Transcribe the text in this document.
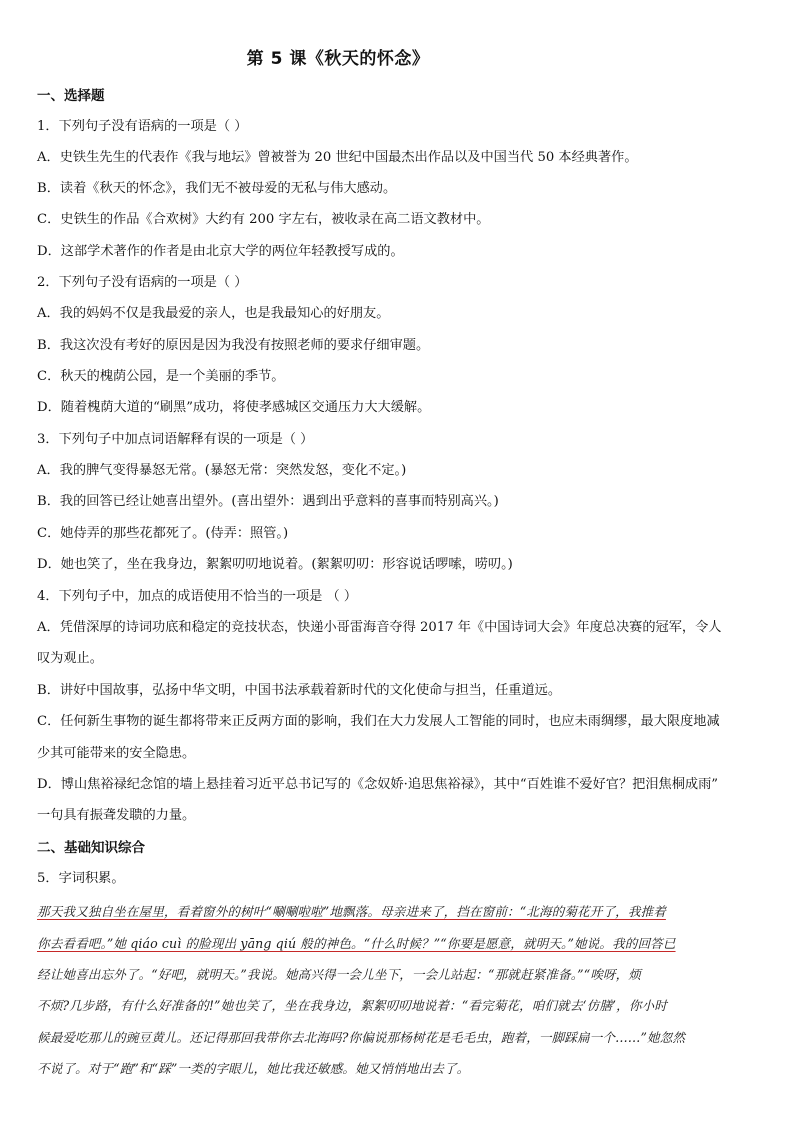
第 5 课《秋天的怀念》
一、选择题
1．下列句子没有语病的一项是（ ）
A．史铁生先生的代表作《我与地坛》曾被誉为 20 世纪中国最杰出作品以及中国当代 50 本经典著作。
B．读着《秋天的怀念》，我们无不被母爱的无私与伟大感动。
C．史铁生的作品《合欢树》大约有 200 字左右，被收录在高二语文教材中。
D．这部学术著作的作者是由北京大学的两位年轻教授写成的。
2．下列句子没有语病的一项是（ ）
A．我的妈妈不仅是我最爱的亲人，也是我最知心的好朋友。
B．我这次没有考好的原因是因为我没有按照老师的要求仔细审题。
C．秋天的槐荫公园，是一个美丽的季节。
D．随着槐荫大道的“刷黑”成功，将使孝感城区交通压力大大缓解。
3．下列句子中加点词语解释有误的一项是（ ）
A．我的脾气变得暴怒无常。(暴怒无常：突然发怒，变化不定。)
B．我的回答已经让她喜出望外。(喜出望外：遇到出乎意料的喜事而特别高兴。)
C．她侍弄的那些花都死了。(侍弄：照管。)
D．她也笑了，坐在我身边，絮絮叨叨地说着。(絮絮叨叨：形容说话啰嗦，唠叨。)
4．下列句子中，加点的成语使用不恰当的一项是 （ ）
A．凭借深厚的诗词功底和稳定的竞技状态，快递小哥雷海音夺得 2017 年《中国诗词大会》年度总决赛的冠军，令人
叹为观止。
B．讲好中国故事，弘扬中华文明，中国书法承载着新时代的文化使命与担当，任重道远。
C．任何新生事物的诞生都将带来正反两方面的影响，我们在大力发展人工智能的同时，也应未雨绸缪，最大限度地减
少其可能带来的安全隐患。
D．博山焦裕禄纪念馆的墙上悬挂着习近平总书记写的《念奴娇·追思焦裕禄》，其中“百姓谁不爱好官？把泪焦桐成雨”
一句具有振聋发聩的力量。
二、基础知识综合
5．字词积累。
那天我又独自坐在屋里，看着窗外的树叶“唰唰啦啦”地飘落。母亲进来了，挡在窗前：“北海的菊花开了，我推着
你去看看吧。”她 qiáo cuì 的脸现出 yāng qiú 般的神色。“什么时候？”“你要是愿意，就明天。”她说。我的回答已
经让她喜出忘外了。“好吧，就明天。”我说。她高兴得一会儿坐下，一会儿站起：“那就赶紧准备。”“唉呀，烦
不烦?几步路，有什么好准备的!”她也笑了，坐在我身边，絮絮叨叨地说着：“看完菊花，咱们就去‘仿膳’，你小时
候最爱吃那儿的豌豆黄儿。还记得那回我带你去北海吗?你偏说那杨树花是毛毛虫，跑着，一脚踩扁一个……”她忽然
不说了。对于“跑”和“踩”一类的字眼儿，她比我还敏感。她又悄悄地出去了。
